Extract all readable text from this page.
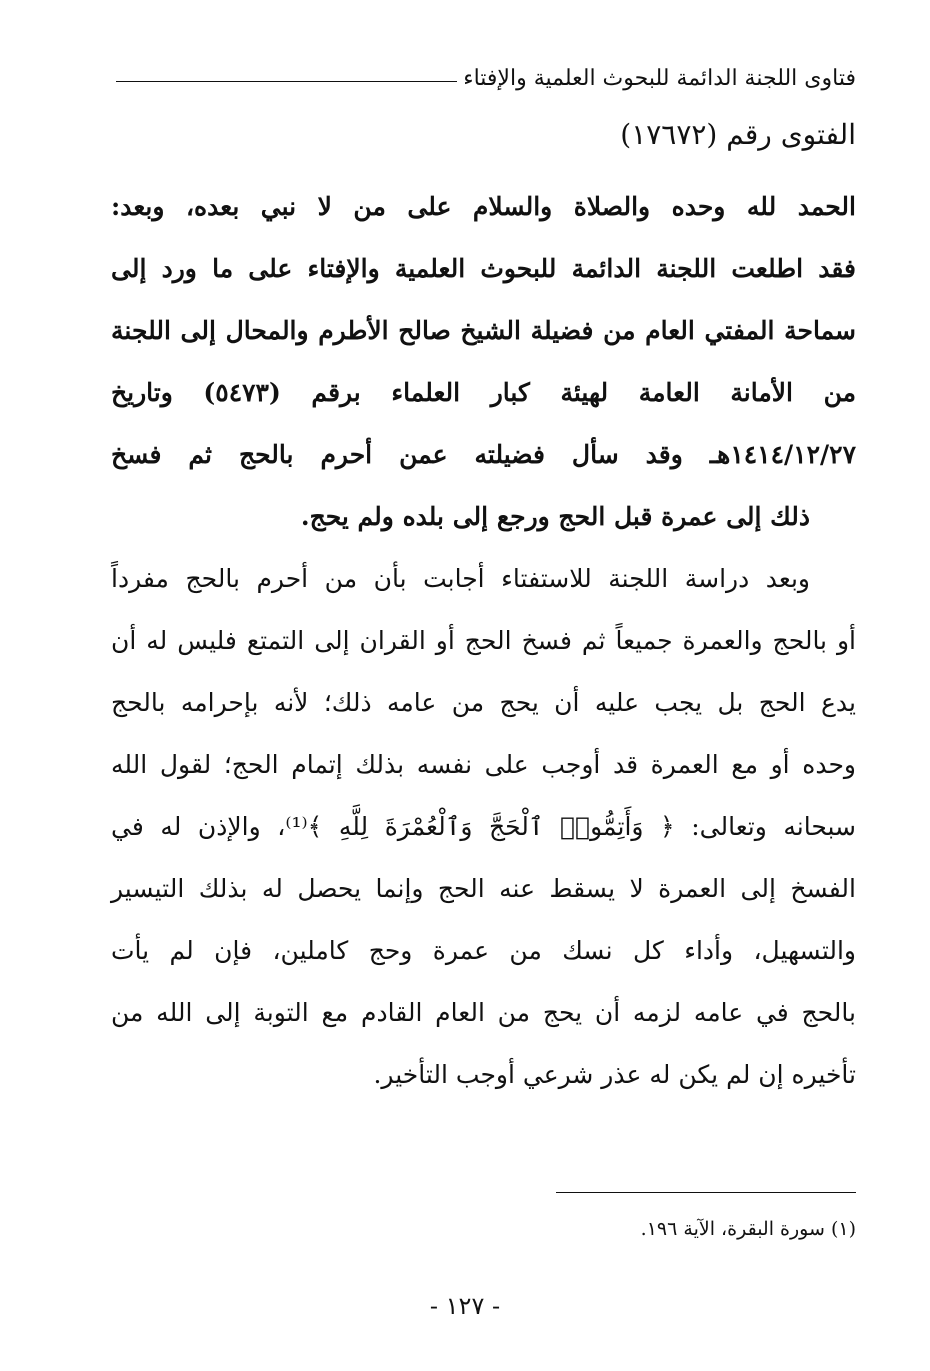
فتاوى اللجنة الدائمة للبحوث العلمية والإفتاء
الفتوى رقم (١٧٦٧٢)
الحمد لله وحده والصلاة والسلام على من لا نبي بعده، وبعد:
فقد اطلعت اللجنة الدائمة للبحوث العلمية والإفتاء على ما ورد إلى
سماحة المفتي العام من فضيلة الشيخ صالح الأطرم والمحال إلى اللجنة
من الأمانة العامة لهيئة كبار العلماء برقم (٥٤٧٣) وتاريخ
١٤١٤/١٢/٢٧هـ وقد سأل فضيلته عمن أحرم بالحج ثم فسخ
ذلك إلى عمرة قبل الحج ورجع إلى بلده ولم يحج.
وبعد دراسة اللجنة للاستفتاء أجابت بأن من أحرم بالحج مفرداً
أو بالحج والعمرة جميعاً ثم فسخ الحج أو القران إلى التمتع فليس له أن
يدع الحج بل يجب عليه أن يحج من عامه ذلك؛ لأنه بإحرامه بالحج
وحده أو مع العمرة قد أوجب على نفسه بذلك إتمام الحج؛ لقول الله
سبحانه وتعالى: ﴿ وَأَتِمُّوا۟ ٱلْحَجَّ وَٱلْعُمْرَةَ لِلَّهِ ﴾⁽¹⁾، والإذن له في
الفسخ إلى العمرة لا يسقط عنه الحج وإنما يحصل له بذلك التيسير
والتسهيل، وأداء كل نسك من عمرة وحج كاملين، فإن لم يأت
بالحج في عامه لزمه أن يحج من العام القادم مع التوبة إلى الله من
تأخيره إن لم يكن له عذر شرعي أوجب التأخير.
(١) سورة البقرة، الآية ١٩٦.
- ١٢٧ -
